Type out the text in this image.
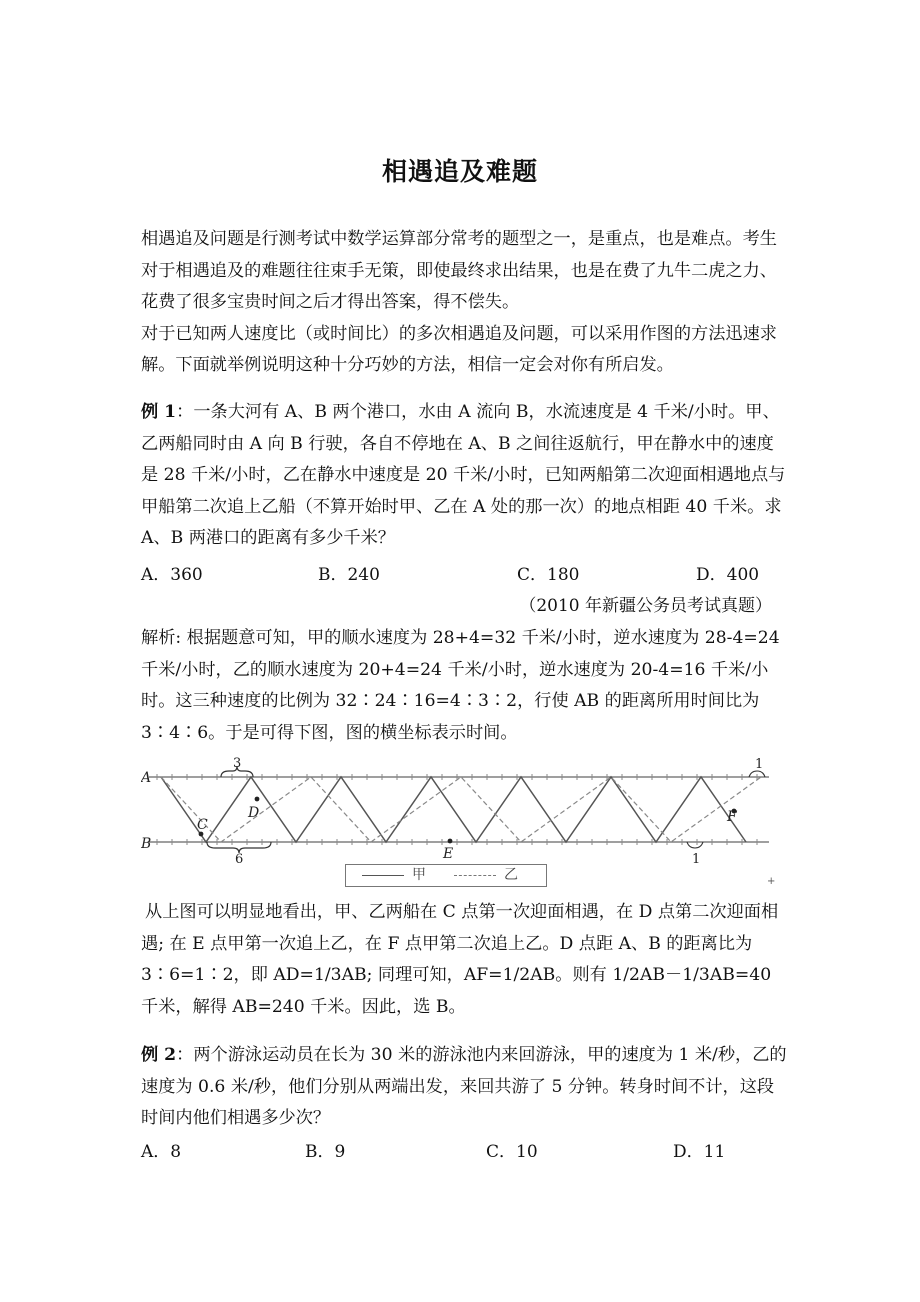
相遇追及难题

相遇追及问题是行测考试中数学运算部分常考的题型之一，是重点，也是难点。考生对于相遇追及的难题往往束手无策，即使最终求出结果，也是在费了九牛二虎之力、花费了很多宝贵时间之后才得出答案，得不偿失。

对于已知两人速度比（或时间比）的多次相遇追及问题，可以采用作图的方法迅速求解。下面就举例说明这种十分巧妙的方法，相信一定会对你有所启发。

例 1：一条大河有 A、B 两个港口，水由 A 流向 B，水流速度是 4 千米/小时。甲、乙两船同时由 A 向 B 行驶，各自不停地在 A、B 之间往返航行，甲在静水中的速度是 28 千米/小时，乙在静水中速度是 20 千米/小时，已知两船第二次迎面相遇地点与甲船第二次追上乙船（不算开始时甲、乙在 A 处的那一次）的地点相距 40 千米。求 A、B 两港口的距离有多少千米？

A．360	B．240	C．180	D．400
（2010 年新疆公务员考试真题）

解析: 根据题意可知，甲的顺水速度为 28+4=32 千米/小时，逆水速度为 28-4=24 千米/小时，乙的顺水速度为 20+4=24 千米/小时，逆水速度为 20-4=16 千米/小时。这三种速度的比例为 32∶24∶16=4∶3∶2，行使 AB 的距离所用时间比为 3∶4∶6。于是可得下图，图的横坐标表示时间。

A
B
C
D
E
F
3
6
1
1
甲	乙	+

从上图可以明显地看出，甲、乙两船在 C 点第一次迎面相遇，在 D 点第二次迎面相遇; 在 E 点甲第一次追上乙，在 F 点甲第二次追上乙。D 点距 A、B 的距离比为 3∶6=1∶2，即 AD=1/3AB; 同理可知，AF=1/2AB。则有 1/2AB－1/3AB=40 千米，解得 AB=240 千米。因此，选 B。

例 2：两个游泳运动员在长为 30 米的游泳池内来回游泳，甲的速度为 1 米/秒，乙的速度为 0.6 米/秒，他们分别从两端出发，来回共游了 5 分钟。转身时间不计，这段时间内他们相遇多少次？

A．8	B．9	C．10	D．11
